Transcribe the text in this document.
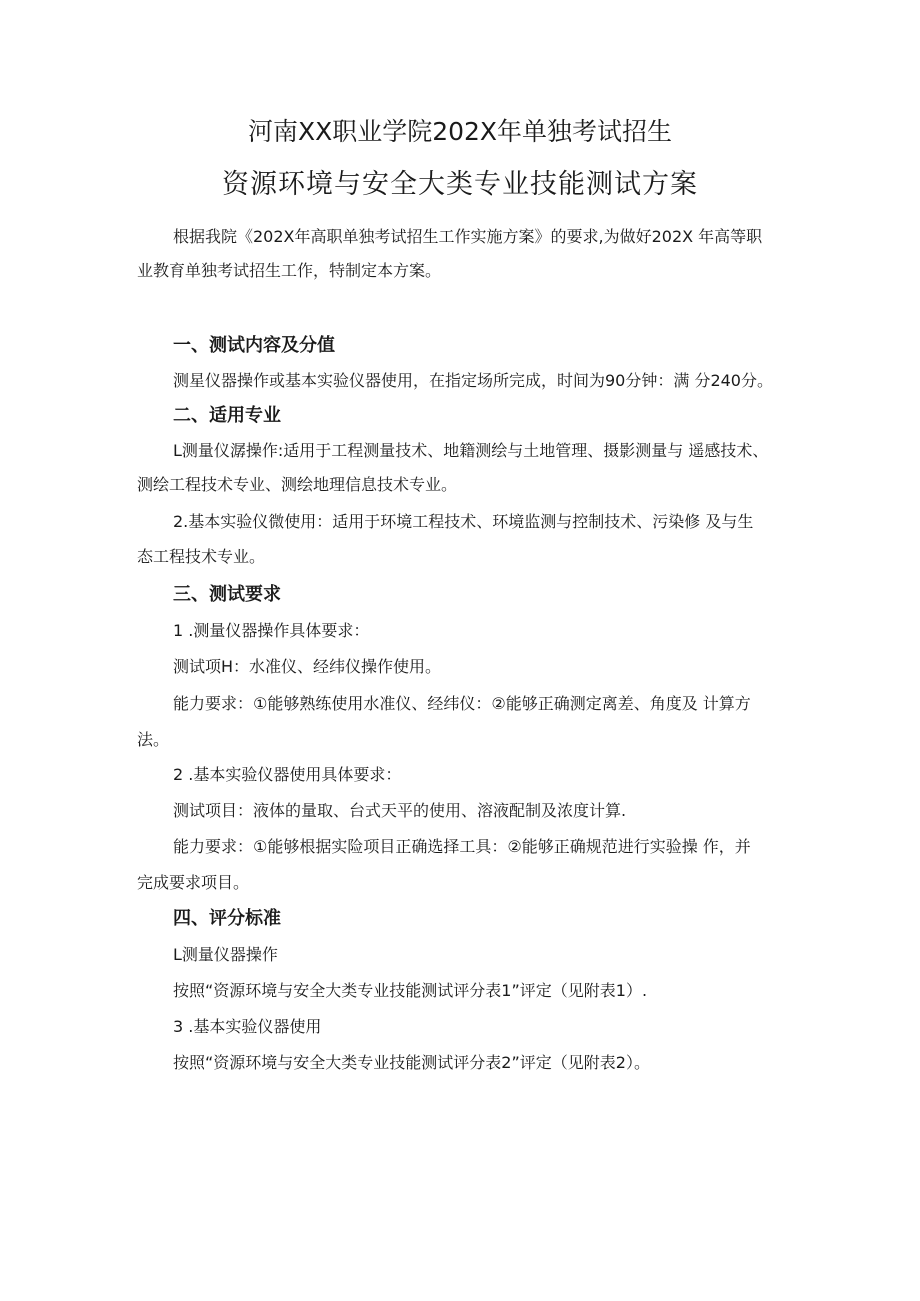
河南XX职业学院202X年单独考试招生
资源环境与安全大类专业技能测试方案
根据我院《202X年高职单独考试招生工作实施方案》的要求,为做好202X 年高等职
业教育单独考试招生工作，特制定本方案。
一、测试内容及分值
测星仪器操作或基本实验仪器使用，在指定场所完成，时间为90分钟：满 分240分。
二、适用专业
L测量仪潺操作:适用于工程测量技术、地籍测绘与土地管理、摄影测量与 遥感技术、
测绘工程技术专业、测绘地理信息技术专业。
2.基本实验仪微使用：适用于环境工程技术、环境监测与控制技术、污染修 及与生
态工程技术专业。
三、测试要求
1 .测量仪器操作具体要求：
测试项H：水准仪、经纬仪操作使用。
能力要求：①能够熟练使用水准仪、经纬仪：②能够正确测定离差、角度及 计算方
法。
2 .基本实验仪器使用具体要求：
测试项目：液体的量取、台式天平的使用、溶液配制及浓度计算.
能力要求：①能够根据实险项目正确选择工具：②能够正确规范进行实验操 作，并
完成要求项目。
四、评分标准
L测量仪器操作
按照“资源环境与安全大类专业技能测试评分表1”评定（见附表1）.
3 .基本实验仪器使用
按照“资源环境与安全大类专业技能测试评分表2”评定（见附表2）。
